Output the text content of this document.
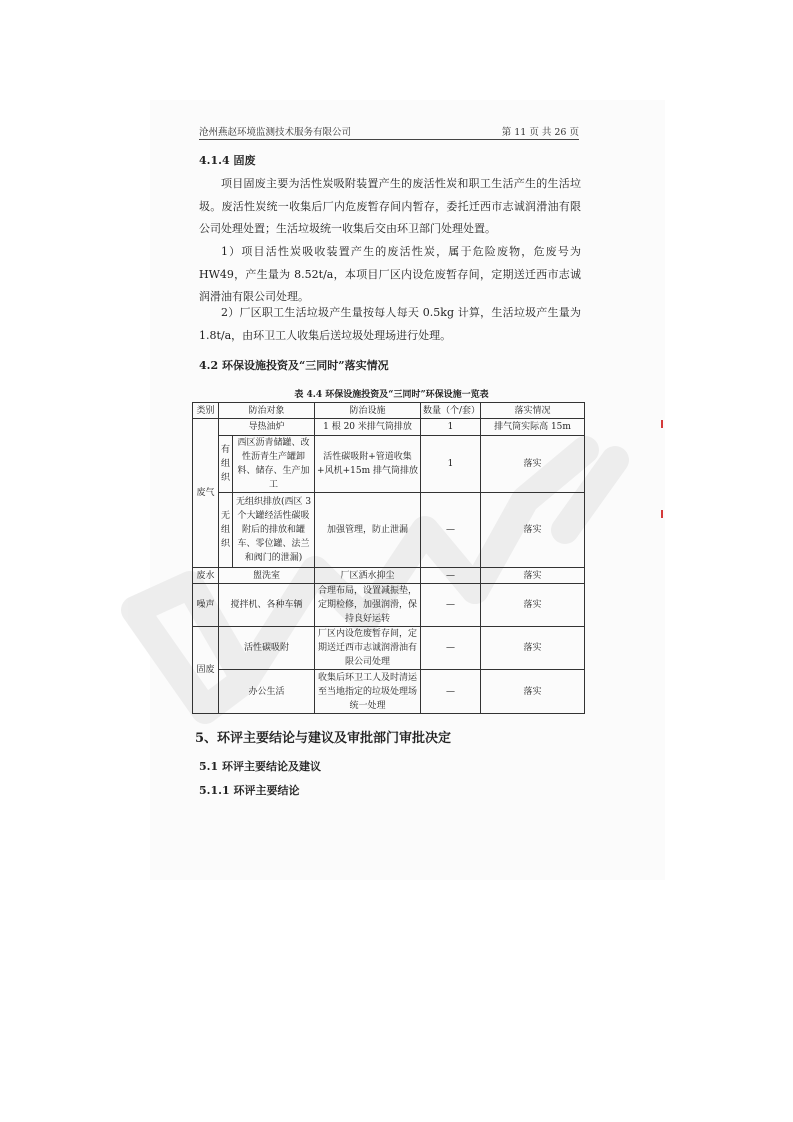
沧州燕赵环境监测技术服务有限公司	第 11 页 共 26 页
4.1.4 固废

项目固废主要为活性炭吸附装置产生的废活性炭和职工生活产生的生活垃圾。废活性炭统一收集后厂内危废暂存间内暂存，委托迁西市志诚润滑油有限公司处理处置；生活垃圾统一收集后交由环卫部门处理处置。

1）项目活性炭吸收装置产生的废活性炭，属于危险废物，危废号为 HW49，产生量为 8.52t/a，本项目厂区内设危废暂存间，定期送迁西市志诚润滑油有限公司处理。

2）厂区职工生活垃圾产生量按每人每天 0.5kg 计算，生活垃圾产生量为 1.8t/a，由环卫工人收集后送垃圾处理场进行处理。

4.2 环保设施投资及“三同时”落实情况
表 4.4 环保设施投资及“三同时”环保设施一览表
类别	防治对象		防治设施	数量（个/套）	落实情况
废气	导热油炉		1 根 20 米排气筒排放	1	排气筒实际高 15m
	有组织	西区沥青储罐、改性沥青生产罐卸料、储存、生产加工	活性碳吸附+管道收集+风机+15m 排气筒排放	1	落实
	无组织	无组织排放(西区 3 个大罐经活性碳吸附后的排放和罐车、零位罐、法兰和阀门的泄漏)	加强管理，防止泄漏	—	落实
废水	盥洗室		厂区洒水抑尘	—	落实
噪声	搅拌机、各种车辆		合理布局，设置减振垫，定期检修，加强润滑，保持良好运转	—	落实
固废	活性碳吸附		厂区内设危废暂存间，定期送迁西市志诚润滑油有限公司处理	—	落实
	办公生活		收集后环卫工人及时清运至当地指定的垃圾处理场统一处理	—	落实
5、环评主要结论与建议及审批部门审批决定
5.1 环评主要结论及建议
5.1.1 环评主要结论
